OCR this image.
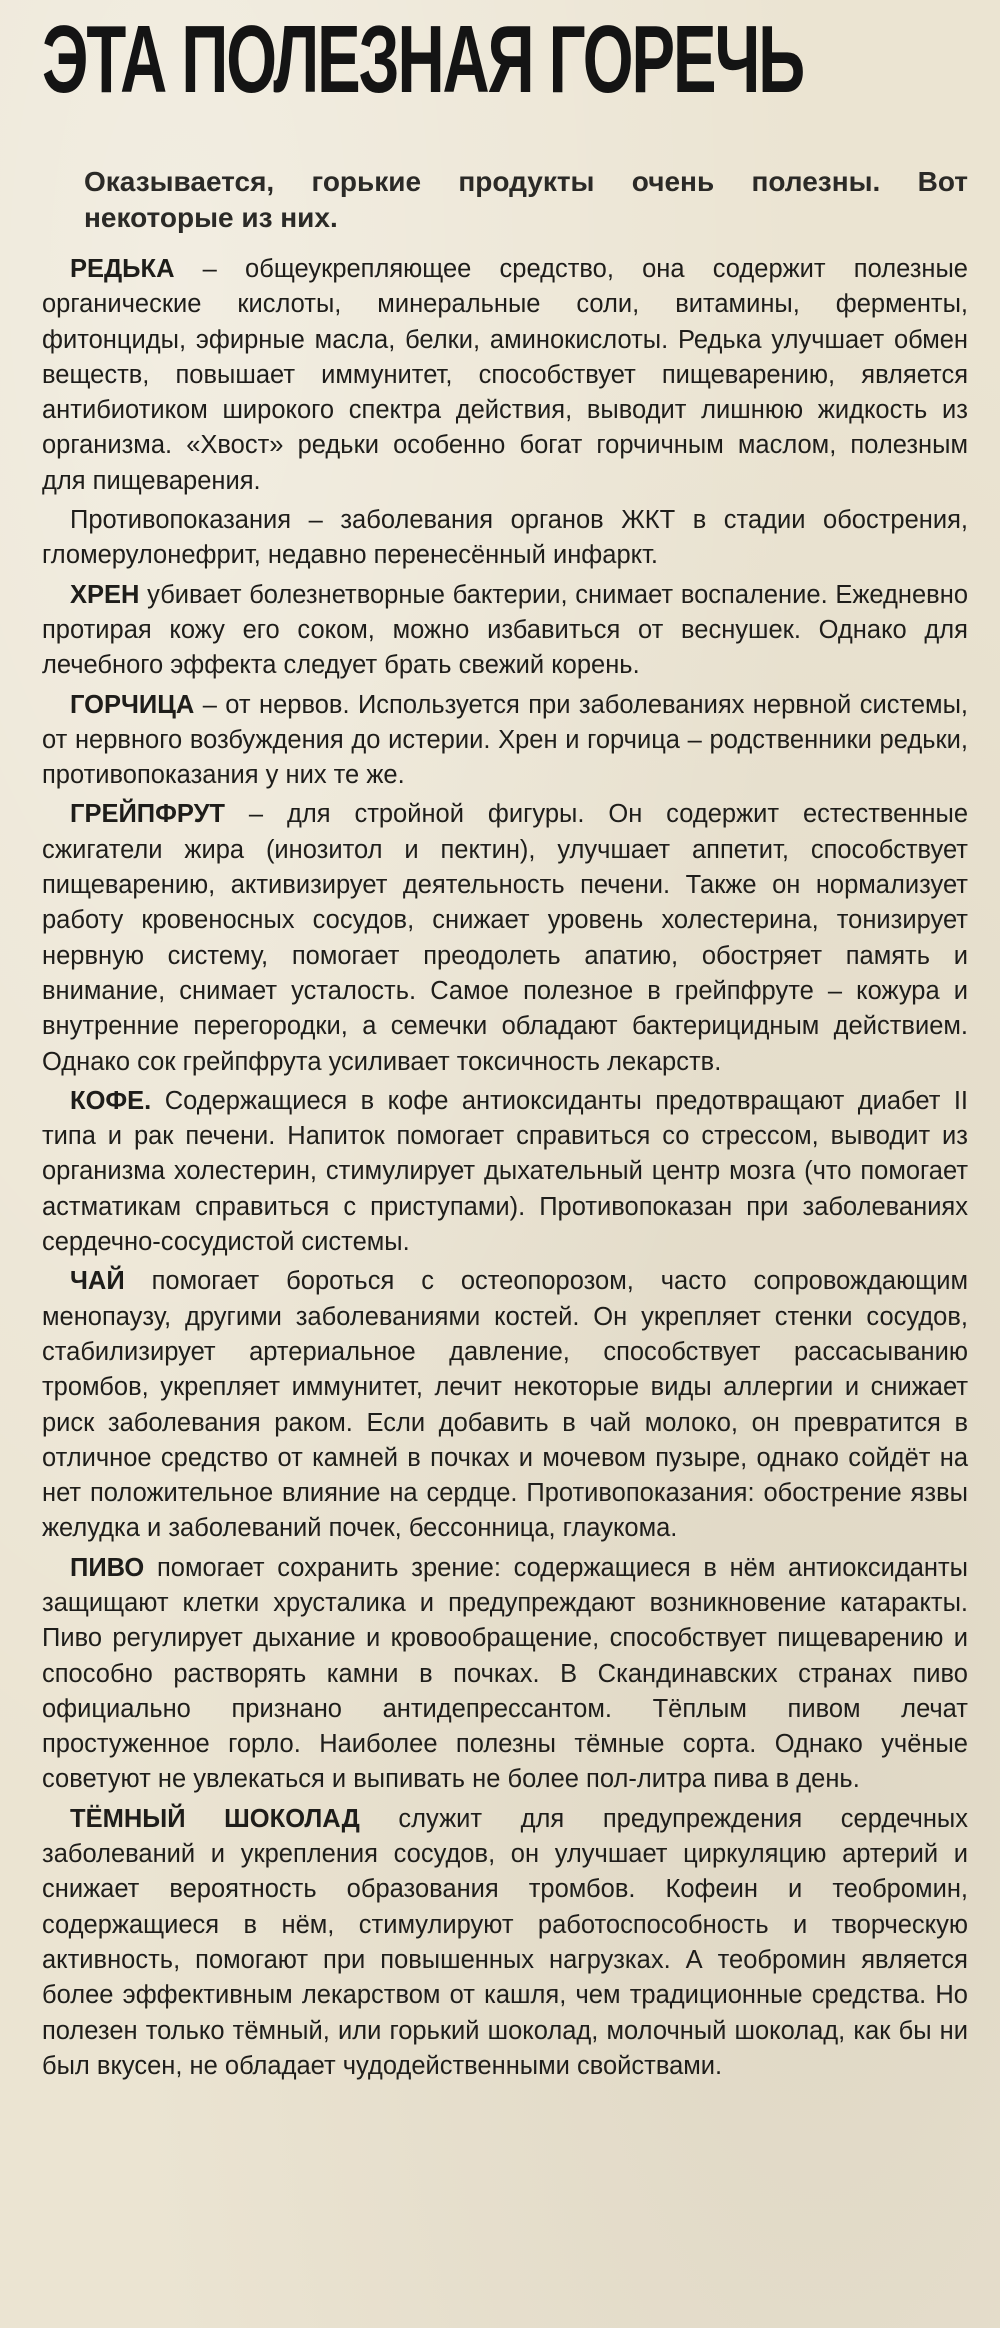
ЭТА ПОЛЕЗНАЯ ГОРЕЧЬ

Оказывается, горькие продукты очень полезны. Вот некоторые из них.

РЕДЬКА – общеукрепляющее средство, она содержит полезные органические кислоты, минеральные соли, витамины, ферменты, фитонциды, эфирные масла, белки, аминокислоты. Редька улучшает обмен веществ, повышает иммунитет, способствует пищеварению, является антибиотиком широкого спектра действия, выводит лишнюю жидкость из организма. «Хвост» редьки особенно богат горчичным маслом, полезным для пищеварения.

Противопоказания – заболевания органов ЖКТ в стадии обострения, гломерулонефрит, недавно перенесённый инфаркт.

ХРЕН убивает болезнетворные бактерии, снимает воспаление. Ежедневно протирая кожу его соком, можно избавиться от веснушек. Однако для лечебного эффекта следует брать свежий корень.

ГОРЧИЦА – от нервов. Используется при заболеваниях нервной системы, от нервного возбуждения до истерии. Хрен и горчица – родственники редьки, противопоказания у них те же.

ГРЕЙПФРУТ – для стройной фигуры. Он содержит естественные сжигатели жира (инозитол и пектин), улучшает аппетит, способствует пищеварению, активизирует деятельность печени. Также он нормализует работу кровеносных сосудов, снижает уровень холестерина, тонизирует нервную систему, помогает преодолеть апатию, обостряет память и внимание, снимает усталость. Самое полезное в грейпфруте – кожура и внутренние перегородки, а семечки обладают бактерицидным действием. Однако сок грейпфрута усиливает токсичность лекарств.

КОФЕ. Содержащиеся в кофе антиоксиданты предотвращают диабет II типа и рак печени. Напиток помогает справиться со стрессом, выводит из организма холестерин, стимулирует дыхательный центр мозга (что помогает астматикам справиться с приступами). Противопоказан при заболеваниях сердечно-сосудистой системы.

ЧАЙ помогает бороться с остеопорозом, часто сопровождающим менопаузу, другими заболеваниями костей. Он укрепляет стенки сосудов, стабилизирует артериальное давление, способствует рассасыванию тромбов, укрепляет иммунитет, лечит некоторые виды аллергии и снижает риск заболевания раком. Если добавить в чай молоко, он превратится в отличное средство от камней в почках и мочевом пузыре, однако сойдёт на нет положительное влияние на сердце. Противопоказания: обострение язвы желудка и заболеваний почек, бессонница, глаукома.

ПИВО помогает сохранить зрение: содержащиеся в нём антиоксиданты защищают клетки хрусталика и предупреждают возникновение катаракты. Пиво регулирует дыхание и кровообращение, способствует пищеварению и способно растворять камни в почках. В Скандинавских странах пиво официально признано антидепрессантом. Тёплым пивом лечат простуженное горло. Наиболее полезны тёмные сорта. Однако учёные советуют не увлекаться и выпивать не более пол-литра пива в день.

ТЁМНЫЙ ШОКОЛАД служит для предупреждения сердечных заболеваний и укрепления сосудов, он улучшает циркуляцию артерий и снижает вероятность образования тромбов. Кофеин и теобромин, содержащиеся в нём, стимулируют работоспособность и творческую активность, помогают при повышенных нагрузках. А теобромин является более эффективным лекарством от кашля, чем традиционные средства. Но полезен только тёмный, или горький шоколад, молочный шоколад, как бы ни был вкусен, не обладает чудодейственными свойствами.
